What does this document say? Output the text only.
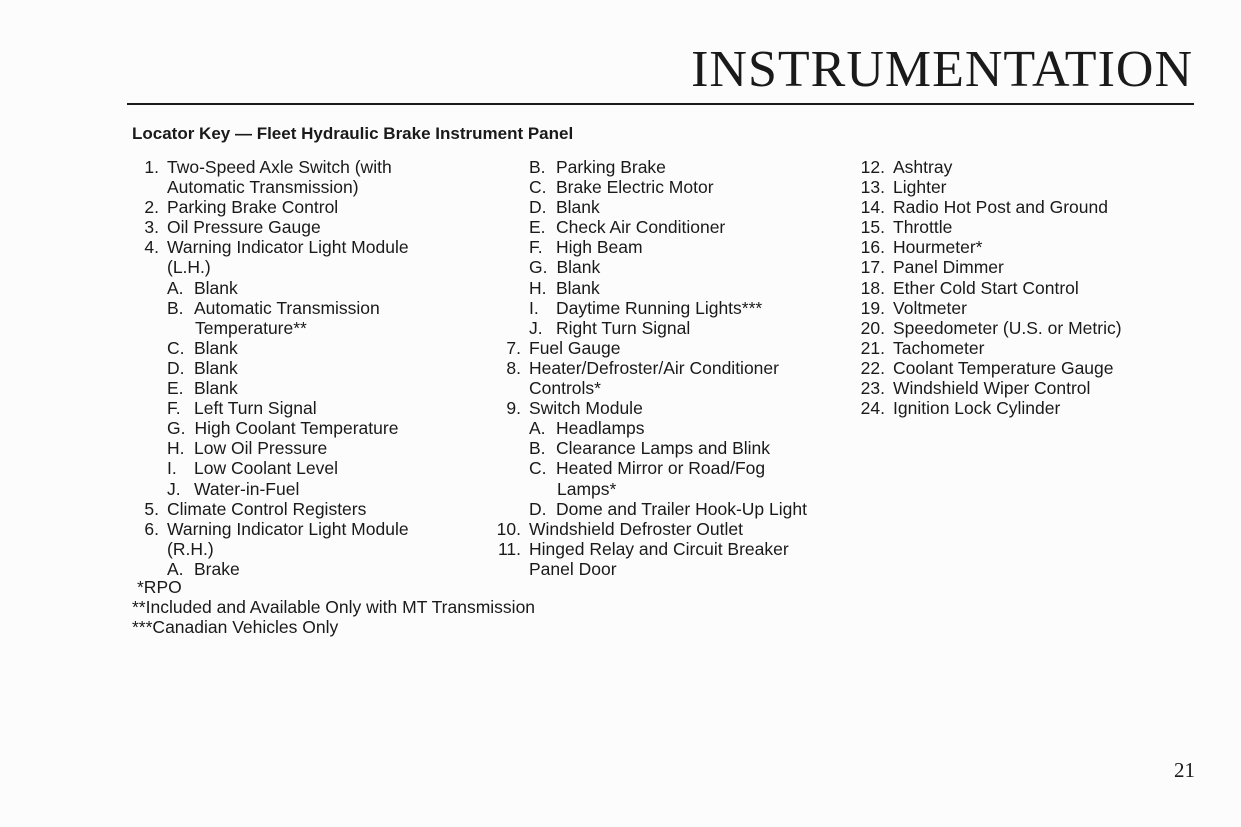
INSTRUMENTATION
Locator Key — Fleet Hydraulic Brake Instrument Panel
1. Two-Speed Axle Switch (with
Automatic Transmission)
2. Parking Brake Control
3. Oil Pressure Gauge
4. Warning Indicator Light Module
(L.H.)
A. Blank
B. Automatic Transmission
Temperature**
C. Blank
D. Blank
E. Blank
F. Left Turn Signal
G. High Coolant Temperature
H. Low Oil Pressure
I. Low Coolant Level
J. Water-in-Fuel
5. Climate Control Registers
6. Warning Indicator Light Module
(R.H.)
A. Brake
B. Parking Brake
C. Brake Electric Motor
D. Blank
E. Check Air Conditioner
F. High Beam
G. Blank
H. Blank
I. Daytime Running Lights***
J. Right Turn Signal
7. Fuel Gauge
8. Heater/Defroster/Air Conditioner
Controls*
9. Switch Module
A. Headlamps
B. Clearance Lamps and Blink
C. Heated Mirror or Road/Fog
Lamps*
D. Dome and Trailer Hook-Up Light
10. Windshield Defroster Outlet
11. Hinged Relay and Circuit Breaker
Panel Door
12. Ashtray
13. Lighter
14. Radio Hot Post and Ground
15. Throttle
16. Hourmeter*
17. Panel Dimmer
18. Ether Cold Start Control
19. Voltmeter
20. Speedometer (U.S. or Metric)
21. Tachometer
22. Coolant Temperature Gauge
23. Windshield Wiper Control
24. Ignition Lock Cylinder
*RPO
**Included and Available Only with MT Transmission
***Canadian Vehicles Only
21
